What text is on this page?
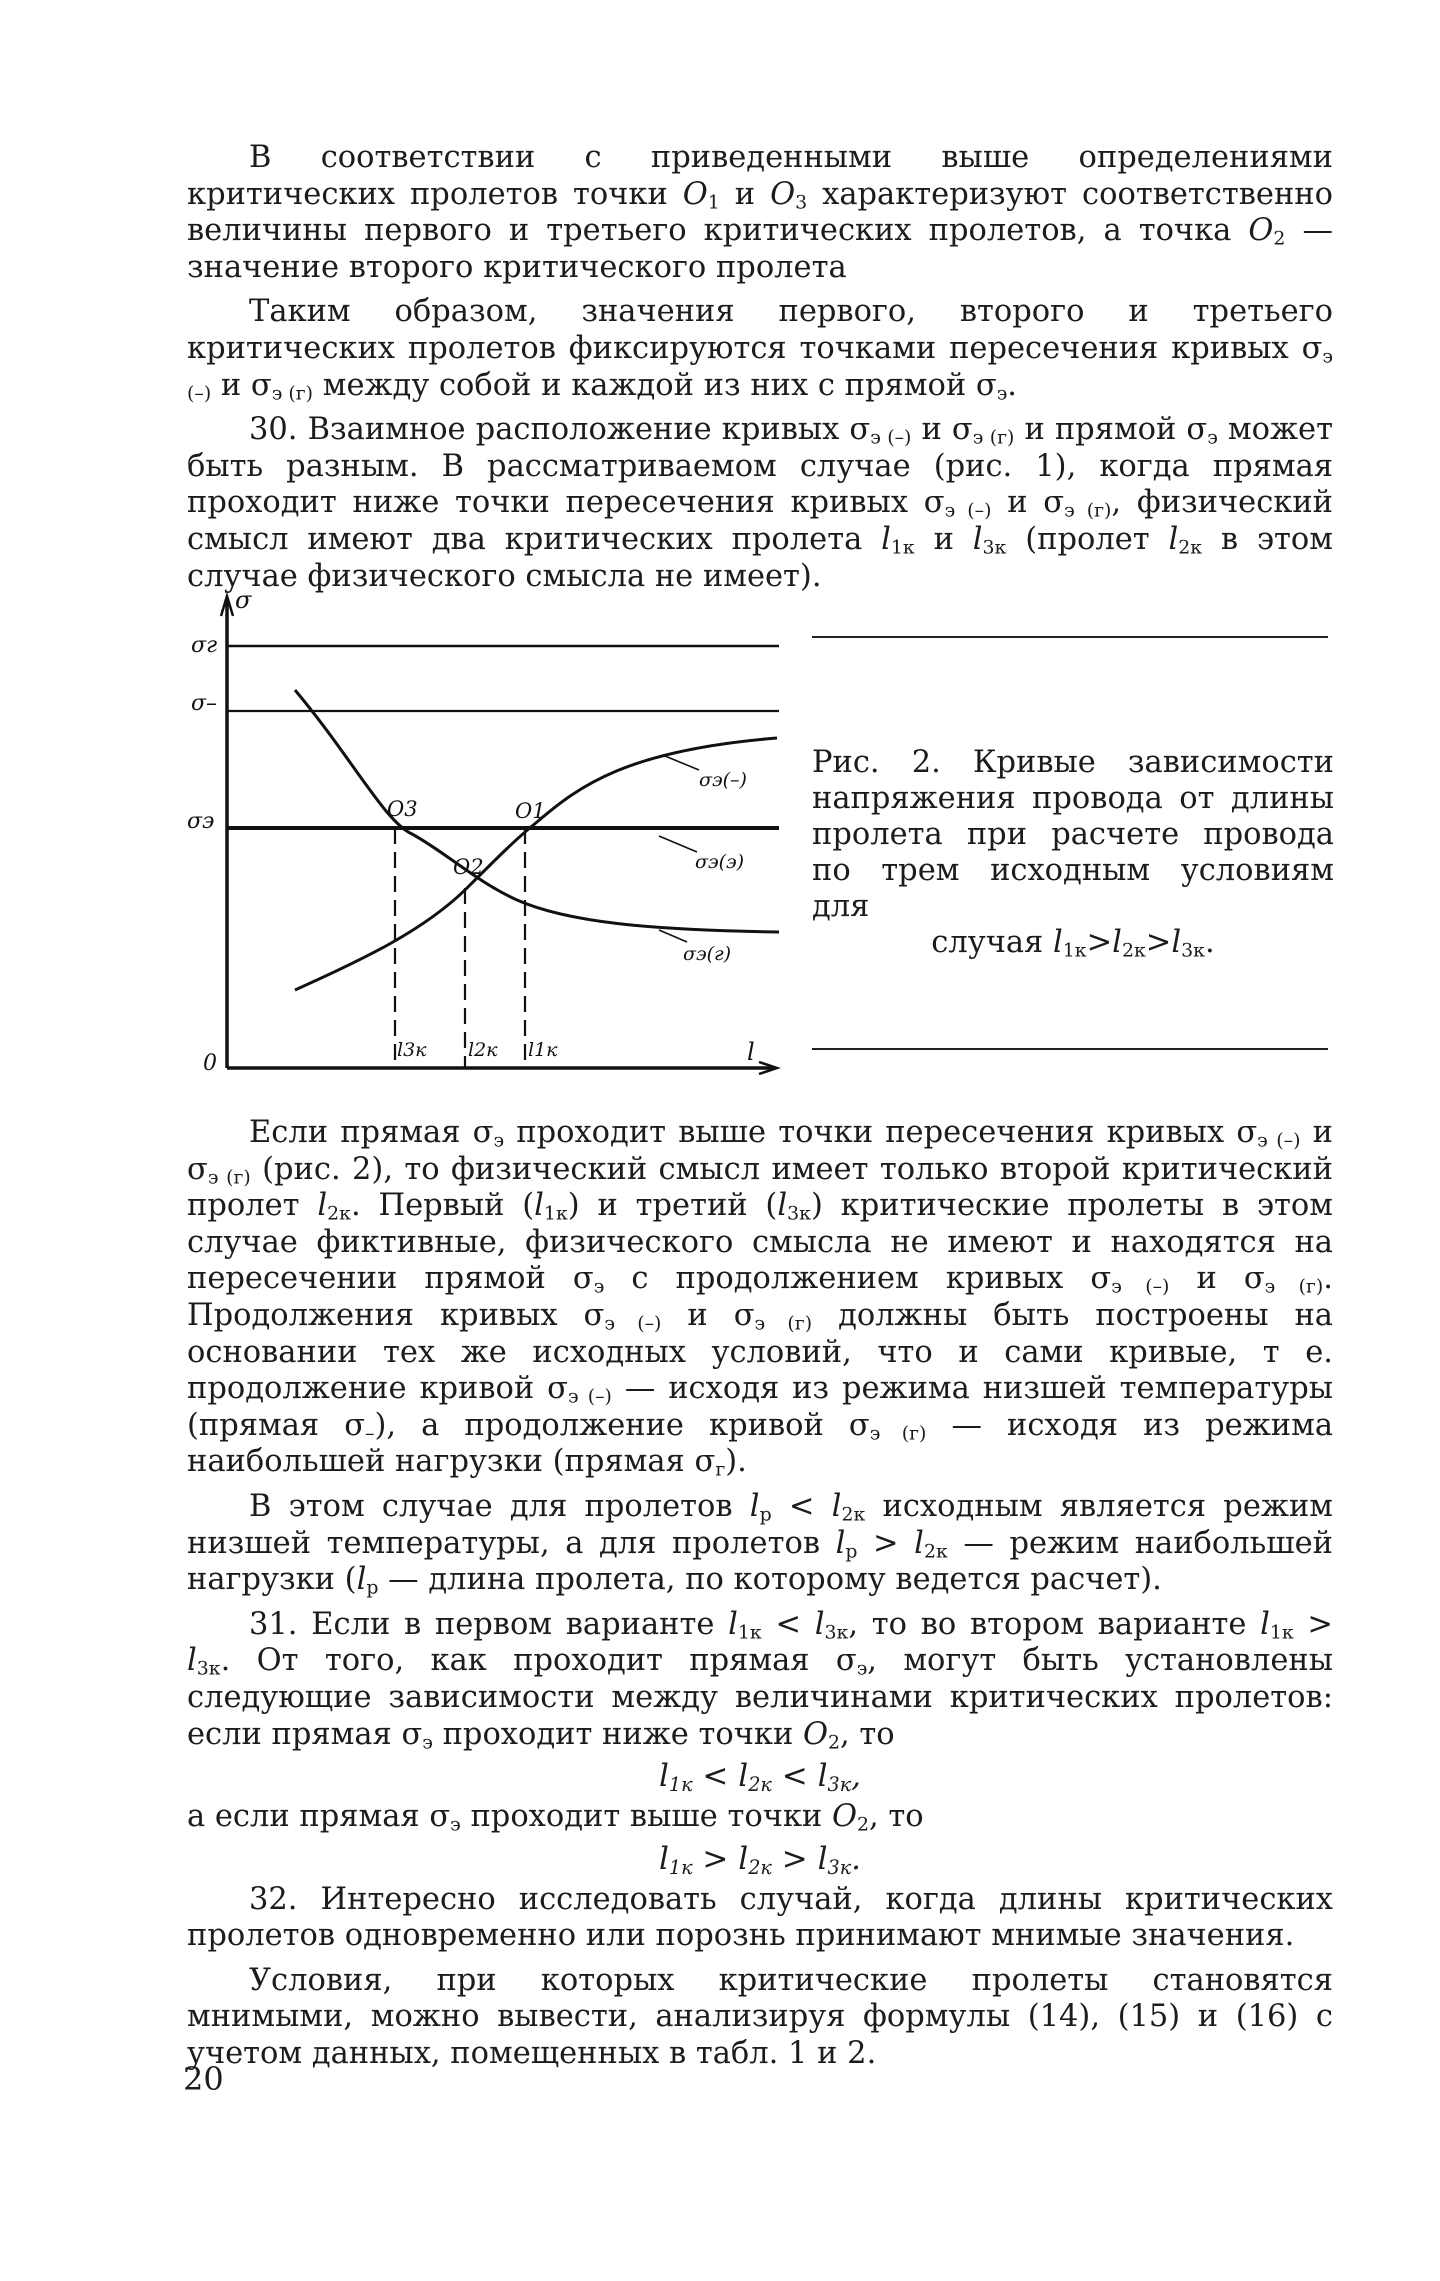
В соответствии с приведенными выше определениями критических пролетов точки $O_1$ и $O_3$ характеризуют соответственно величины первого и третьего критических пролетов, а точка $O_2$ — значение второго критического пролета

Таким образом, значения первого, второго и третьего критических пролетов фиксируются точками пересечения кривых $\sigma_{э (-)}$ и $\sigma_{э (г)}$ между собой и каждой из них с прямой $\sigma_э$.

30. Взаимное расположение кривых $\sigma_{э (-)}$ и $\sigma_{э (г)}$ и прямой $\sigma_э$ может быть разным. В рассматриваемом случае (рис. 1), когда прямая проходит ниже точки пересечения кривых $\sigma_{э (-)}$ и $\sigma_{э (г)}$, физический смысл имеют два критических пролета $l_{1к}$ и $l_{3к}$ (пролет $l_{2к}$ в этом случае физического смысла не имеет).

σ
l
0
σг
σ–
σэ	O1
O2
O3
σэ(–)
σэ(э)
σэ(г)
l3к l2к l1к
Рис. 2. Кривые зависимости напряжения провода от длины пролета при расчете провода по трем исходным условиям для
случая $l_{1к}>l_{2к}>l_{3к}$.

Если прямая $\sigma_э$ проходит выше точки пересечения кривых $\sigma_{э (-)}$ и $\sigma_{э (г)}$ (рис. 2), то физический смысл имеет только второй критический пролет $l_{2к}$. Первый $(l_{1к})$ и третий $(l_{3к})$ критические пролеты в этом случае фиктивные, физического смысла не имеют и находятся на пересечении прямой $\sigma_э$ с продолжением кривых $\sigma_{э (-)}$ и $\sigma_{э (г)}$. Продолжения кривых $\sigma_{э (-)}$ и $\sigma_{э (г)}$ должны быть построены на основании тех же исходных условий, что и сами кривые, т е. продолжение кривой $\sigma_{э (-)}$ — исходя из режима низшей температуры (прямая $\sigma_-$), а продолжение кривой $\sigma_{э (г)}$ — исходя из режима наибольшей нагрузки (прямая $\sigma_г$).

В этом случае для пролетов $l_р < l_{2к}$ исходным является режим низшей температуры, а для пролетов $l_р > l_{2к}$ — режим наибольшей нагрузки ($l_р$ — длина пролета, по которому ведется расчет).

31. Если в первом варианте $l_{1к} < l_{3к}$, то во втором варианте $l_{1к} > l_{3к}$. От того, как проходит прямая $\sigma_э$, могут быть установлены следующие зависимости между величинами критических пролетов: если прямая $\sigma_э$ проходит ниже точки $O_2$, то

$l_{1к} < l_{2к} < l_{3к}$,

а если прямая $\sigma_э$ проходит выше точки $O_2$, то

$l_{1к} > l_{2к} > l_{3к}$.

32. Интересно исследовать случай, когда длины критических пролетов одновременно или порознь принимают мнимые значения.

Условия, при которых критические пролеты становятся мнимыми, можно вывести, анализируя формулы (14), (15) и (16) с учетом данных, помещенных в табл. 1 и 2.

20
